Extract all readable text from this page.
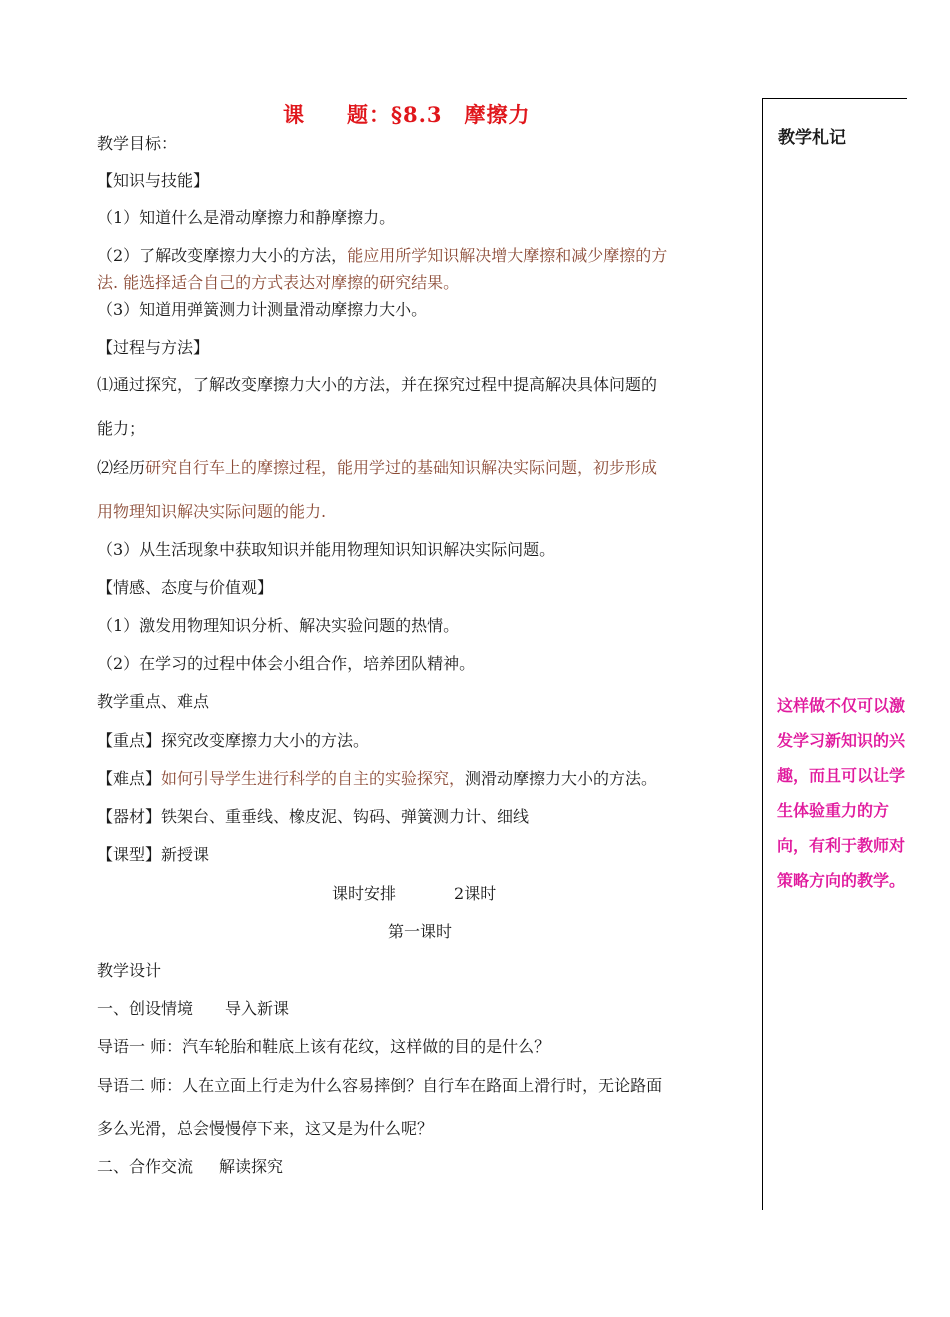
课 题：§8.3　摩擦力
教学札记
这样做不仅可以激发学习新知识的兴趣，而且可以让学生体验重力的方向，有利于教师对策略方向的教学。
教学目标：
【知识与技能】
（1）知道什么是滑动摩擦力和静摩擦力。
（2）了解改变摩擦力大小的方法，能应用所学知识解决增大摩擦和减少摩擦的方
法. 能选择适合自己的方式表达对摩擦的研究结果。
（3）知道用弹簧测力计测量滑动摩擦力大小。
【过程与方法】
⑴通过探究，了解改变摩擦力大小的方法，并在探究过程中提高解决具体问题的
能力；
⑵经历研究自行车上的摩擦过程，能用学过的基础知识解决实际问题，初步形成
用物理知识解决实际问题的能力.
（3）从生活现象中获取知识并能用物理知识知识解决实际问题。
【情感、态度与价值观】
（1）激发用物理知识分析、解决实验问题的热情。
（2）在学习的过程中体会小组合作，培养团队精神。
教学重点、难点
【重点】探究改变摩擦力大小的方法。
【难点】如何引导学生进行科学的自主的实验探究，测滑动摩擦力大小的方法。
【器材】铁架台、重垂线、橡皮泥、钩码、弹簧测力计、细线
【课型】新授课
课时安排	2课时
第一课时
教学设计
一、创设情境 导入新课
导语一 师：汽车轮胎和鞋底上该有花纹，这样做的目的是什么？
导语二 师：人在立面上行走为什么容易摔倒？自行车在路面上滑行时，无论路面
多么光滑，总会慢慢停下来，这又是为什么呢？
二、合作交流 解读探究
